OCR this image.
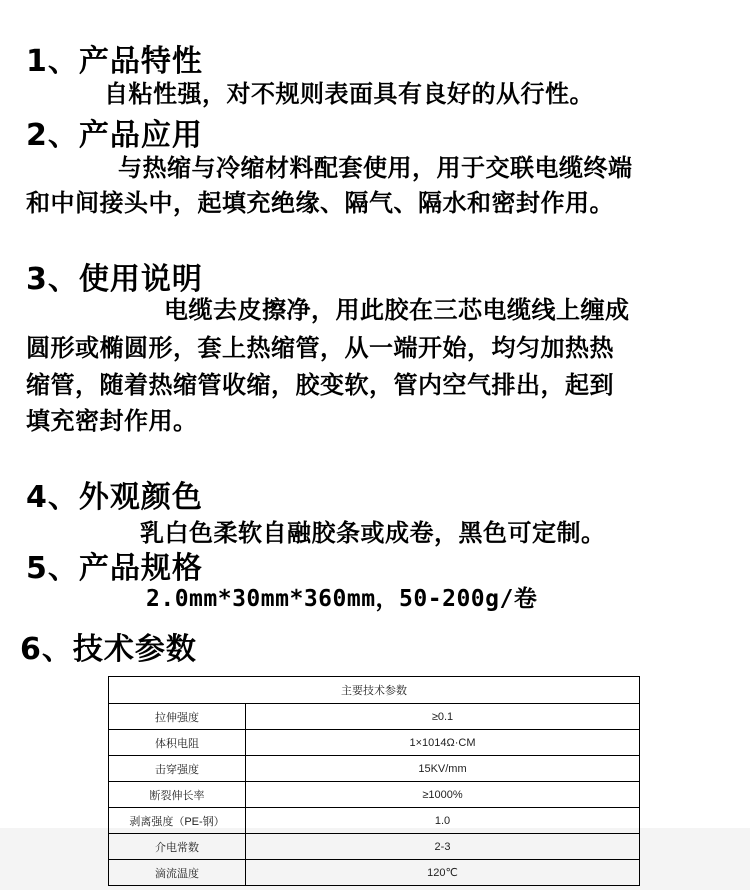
1、产品特性
自粘性强，对不规则表面具有良好的从行性。
2、产品应用
与热缩与冷缩材料配套使用，用于交联电缆终端
和中间接头中，起填充绝缘、隔气、隔水和密封作用。
3、使用说明
电缆去皮擦净，用此胶在三芯电缆线上缠成
圆形或椭圆形，套上热缩管，从一端开始，均匀加热热
缩管，随着热缩管收缩，胶变软，管内空气排出，起到
填充密封作用。
4、外观颜色
乳白色柔软自融胶条或成卷，黑色可定制。
5、产品规格
2.0mm*30mm*360mm，50-200g/卷
6、技术参数
主要技术参数	
拉伸强度	≥0.1
体积电阻	1×1014Ω·CM
击穿强度	15KV/mm
断裂伸长率	≥1000%
剥离强度（PE-钢）	1.0
介电常数	2-3
滴流温度	120℃
